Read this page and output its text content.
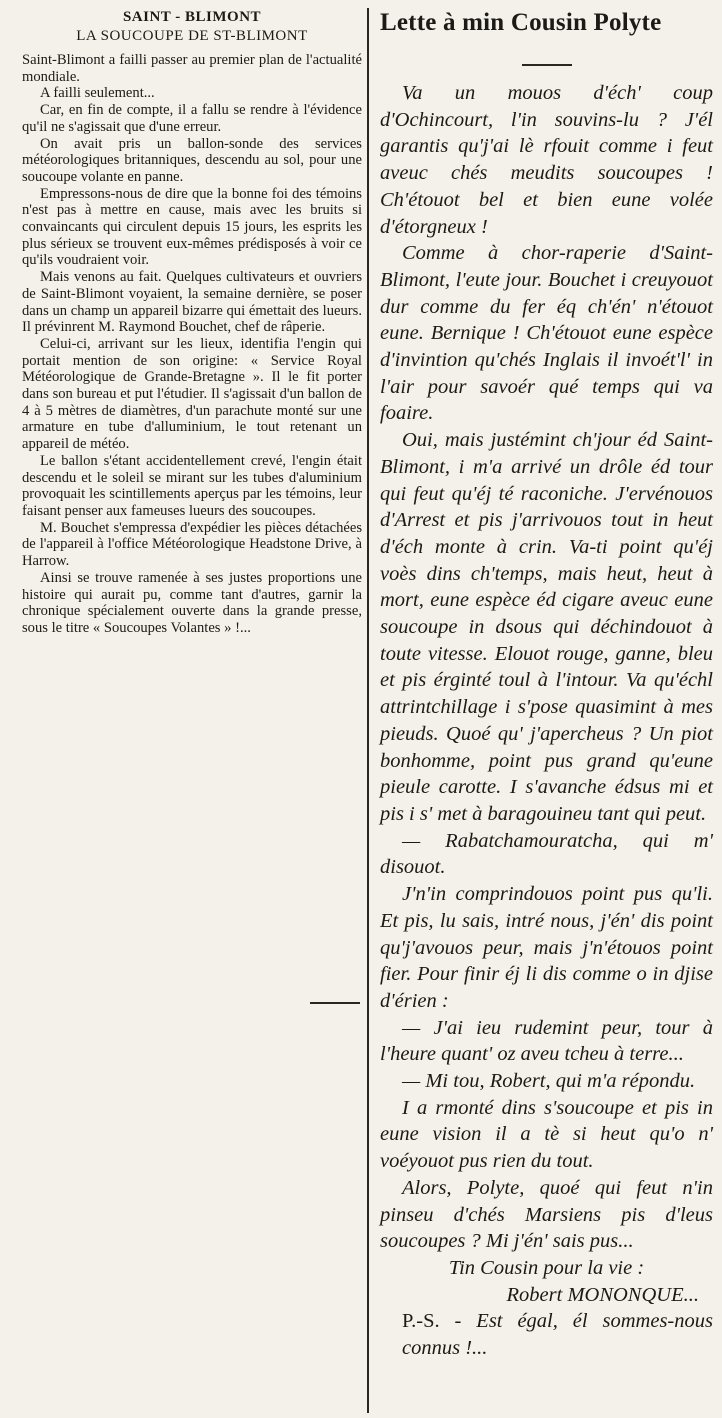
SAINT - BLIMONT
LA SOUCOUPE DE ST-BLIMONT

Saint-Blimont a failli passer au premier plan de l'actualité mondiale.

A failli seulement...

Car, en fin de compte, il a fallu se rendre à l'évidence qu'il ne s'agissait que d'une erreur.

On avait pris un ballon-sonde des services météorologiques britanniques, descendu au sol, pour une soucoupe volante en panne.

Empressons-nous de dire que la bonne foi des témoins n'est pas à mettre en cause, mais avec les bruits si convaincants qui circulent depuis 15 jours, les esprits les plus sérieux se trouvent eux-mêmes prédisposés à voir ce qu'ils voudraient voir.

Mais venons au fait. Quelques cultivateurs et ouvriers de Saint-Blimont voyaient, la semaine dernière, se poser dans un champ un appareil bizarre qui émettait des lueurs. Il prévinrent M. Raymond Bouchet, chef de râperie.

Celui-ci, arrivant sur les lieux, identifia l'engin qui portait mention de son origine: « Service Royal Météorologique de Grande-Bretagne ». Il le fit porter dans son bureau et put l'étudier. Il s'agissait d'un ballon de 4 à 5 mètres de diamètres, d'un parachute monté sur une armature en tube d'alluminium, le tout retenant un appareil de météo.

Le ballon s'étant accidentellement crevé, l'engin était descendu et le soleil se mirant sur les tubes d'aluminium provoquait les scintillements aperçus par les témoins, leur faisant penser aux fameuses lueurs des soucoupes.

M. Bouchet s'empressa d'expédier les pièces détachées de l'appareil à l'office Météorologique Headstone Drive, à Harrow.

Ainsi se trouve ramenée à ses justes proportions une histoire qui aurait pu, comme tant d'autres, garnir la chronique spécialement ouverte dans la grande presse, sous le titre « Soucoupes Volantes » !...

Lette à min Cousin Polyte

Va un mouos d'éch' coup d'Ochincourt, l'in souvins-lu ? J'él garantis qu'j'ai lè rfouit comme i feut aveuc chés meudits soucoupes ! Ch'étouot bel et bien eune volée d'étorgneux !

Comme à chor-raperie d'Saint-Blimont, l'eute jour. Bouchet i creuyouot dur comme du fer éq ch'én' n'étouot eune. Bernique ! Ch'étouot eune espèce d'invintion qu'chés Inglais il invoét'l' in l'air pour savoér qué temps qui va foaire.

Oui, mais justémint ch'jour éd Saint-Blimont, i m'a arrivé un drôle éd tour qui feut qu'éj té raconiche. J'ervénouos d'Arrest et pis j'arrivouos tout in heut d'éch monte à crin. Va-ti point qu'éj voès dins ch'temps, mais heut, heut à mort, eune espèce éd cigare aveuc eune soucoupe in dsous qui déchindouot à toute vitesse. Elouot rouge, ganne, bleu et pis érginté toul à l'intour. Va qu'échl attrintchillage i s'pose quasimint à mes pieuds. Quoé qu' j'apercheus ? Un piot bonhomme, point pus grand qu'eune pieule carotte. I s'avanche édsus mi et pis i s' met à baragouineu tant qui peut.

— Rabatchamouratcha, qui m' disouot.

J'n'in comprindouos point pus qu'li. Et pis, lu sais, intré nous, j'én' dis point qu'j'avouos peur, mais j'n'étouos point fier. Pour finir éj li dis comme o in djise d'érien :

— J'ai ieu rudemint peur, tour à l'heure quant' oz aveu tcheu à terre...

— Mi tou, Robert, qui m'a répondu.

I a rmonté dins s'soucoupe et pis in eune vision il a tè si heut qu'o n' voéyouot pus rien du tout.

Alors, Polyte, quoé qui feut n'in pinseu d'chés Marsiens pis d'leus soucoupes ? Mi j'én' sais pus...

Tin Cousin pour la vie :

Robert MONONQUE...

P.-S. - Est égal, él sommes-nous connus !...
